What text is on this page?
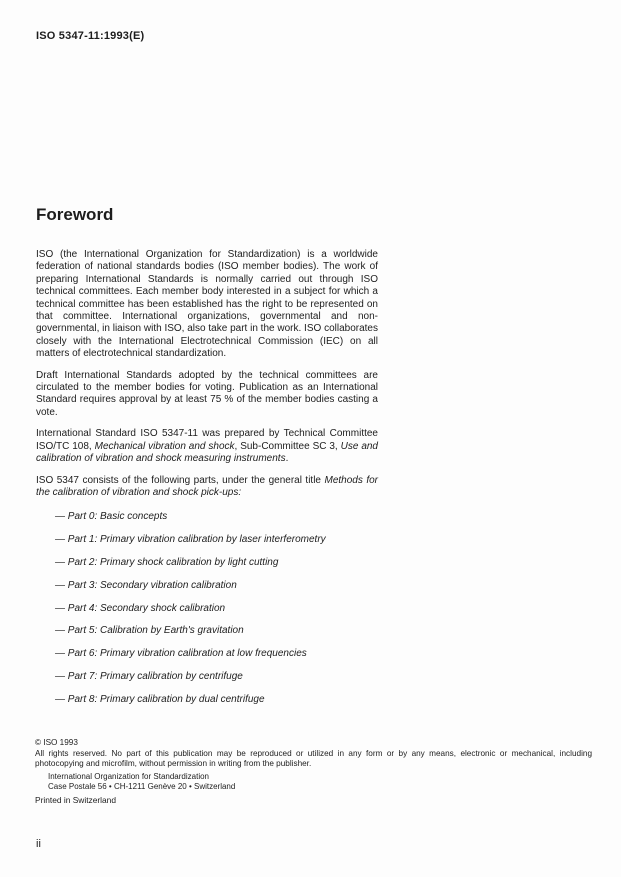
ISO 5347-11:1993(E)
Foreword

ISO (the International Organization for Standardization) is a worldwide federation of national standards bodies (ISO member bodies). The work of preparing International Standards is normally carried out through ISO technical committees. Each member body interested in a subject for which a technical committee has been established has the right to be represented on that committee. International organizations, governmental and non-governmental, in liaison with ISO, also take part in the work. ISO collaborates closely with the International Electrotechnical Commission (IEC) on all matters of electrotechnical standardization.

Draft International Standards adopted by the technical committees are circulated to the member bodies for voting. Publication as an International Standard requires approval by at least 75 % of the member bodies casting a vote.

International Standard ISO 5347-11 was prepared by Technical Committee ISO/TC 108, Mechanical vibration and shock, Sub-Committee SC 3, Use and calibration of vibration and shock measuring instruments.

ISO 5347 consists of the following parts, under the general title Methods for the calibration of vibration and shock pick-ups:

— Part 0: Basic concepts
— Part 1: Primary vibration calibration by laser interferometry
— Part 2: Primary shock calibration by light cutting
— Part 3: Secondary vibration calibration
— Part 4: Secondary shock calibration
— Part 5: Calibration by Earth's gravitation
— Part 6: Primary vibration calibration at low frequencies
— Part 7: Primary calibration by centrifuge
— Part 8: Primary calibration by dual centrifuge
© ISO 1993
All rights reserved. No part of this publication may be reproduced or utilized in any form or by any means, electronic or mechanical, including photocopying and microfilm, without permission in writing from the publisher.
International Organization for Standardization
Case Postale 56 • CH-1211 Genève 20 • Switzerland
Printed in Switzerland
ii
